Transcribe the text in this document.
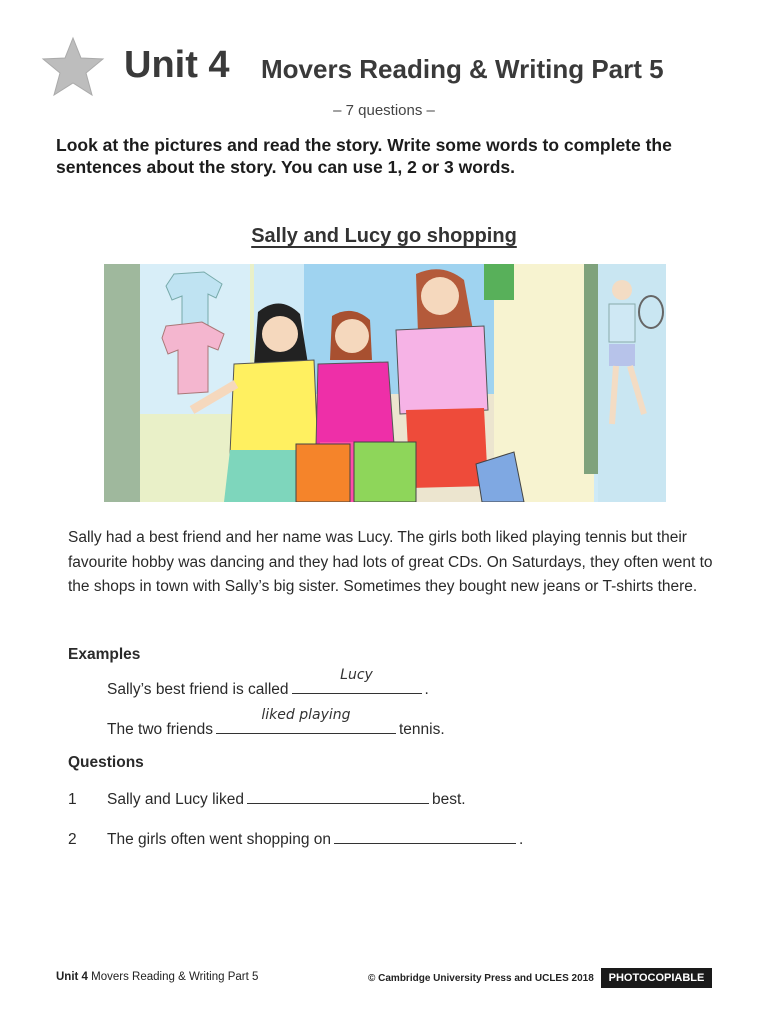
Unit 4 Movers Reading & Writing Part 5
– 7 questions –
Look at the pictures and read the story. Write some words to complete the sentences about the story. You can use 1, 2 or 3 words.
Sally and Lucy go shopping
Sally had a best friend and her name was Lucy. The girls both liked playing tennis but their favourite hobby was dancing and they had lots of great CDs. On Saturdays, they often went to the shops in town with Sally’s big sister. Sometimes they bought new jeans or T-shirts there.
Examples
Sally’s best friend is called
Lucy
.
The two friends
liked playing
tennis.
Questions
1 Sally and Lucy liked	best.
2 The girls often went shopping on	.
Unit 4 Movers Reading & Writing Part 5	© Cambridge University Press and UCLES 2018	PHOTOCOPIABLE
